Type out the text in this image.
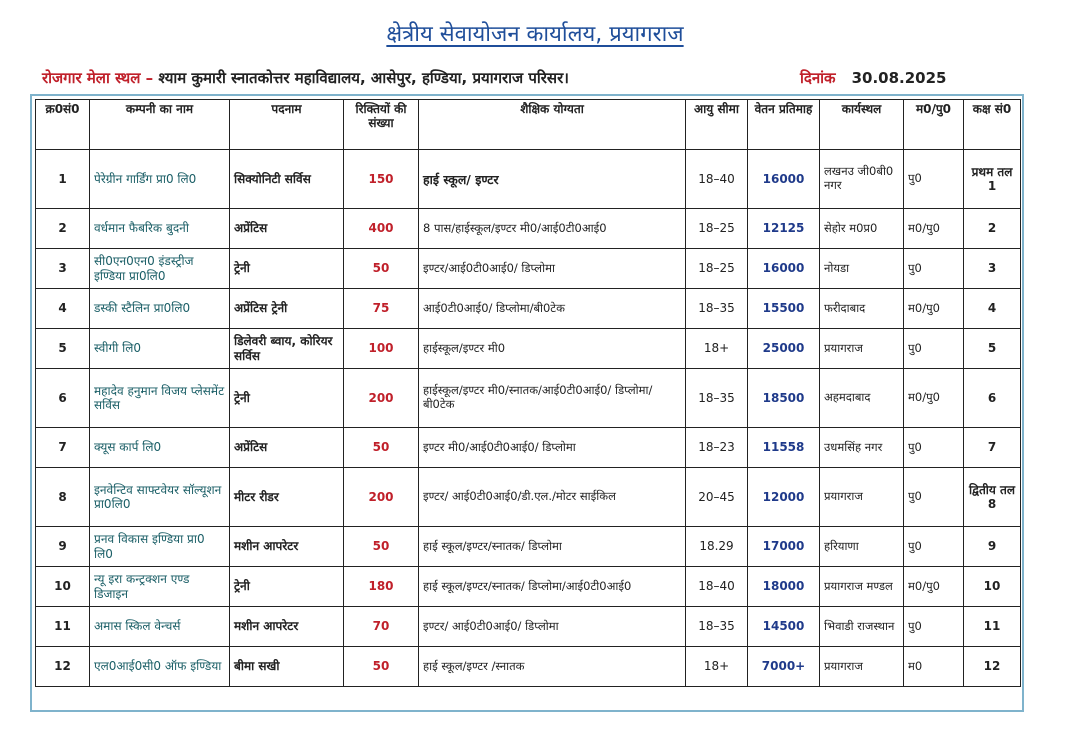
क्षेत्रीय सेवायोजन कार्यालय, प्रयागराज
रोजगार मेला स्थल – श्याम कुमारी स्नातकोत्तर महाविद्यालय, आसेपुर, हण्डिया, प्रयागराज परिसर।	दिनांक 30.08.2025
क्र0सं0	कम्पनी का नाम	पदनाम	रिक्तियों की संख्या	शैक्षिक योग्यता	आयु सीमा	वेतन प्रतिमाह	कार्यस्थल	म0/पु0	कक्ष सं0
1	पेरेग्रीन गार्डिंग प्रा0 लि0	सिक्योनिटी सर्विस	150	हाई स्कूल/ इण्टर	18–40	16000	लखनउ जी0बी0 नगर	पु0	प्रथम तल 1
2	वर्धमान फैबरिक बुदनी	अप्रेंटिस	400	8 पास/हाईस्कूल/इण्टर मी0/आई0टी0आई0	18–25	12125	सेहोर म0प्र0	म0/पु0	2
3	सी0एन0एन0 इंडस्ट्रीज इण्डिया प्रा0लि0	ट्रेनी	50	इण्टर/आई0टी0आई0/ डिप्लोमा	18–25	16000	नोयडा	पु0	3
4	डस्की स्टैलिन प्रा0लि0	अप्रेंटिस ट्रेनी	75	आई0टी0आई0/ डिप्लोमा/बी0टेक	18–35	15500	फरीदाबाद	म0/पु0	4
5	स्वीगी लि0	डिलेवरी ब्वाय, कोरियर सर्विस	100	हाईस्कूल/इण्टर मी0	18+	25000	प्रयागराज	पु0	5
6	महादेव हनुमान विजय प्लेसमेंट सर्विस	ट्रेनी	200	हाईस्कूल/इण्टर मी0/स्नातक/आई0टी0आई0/ डिप्लोमा/बी0टेक	18–35	18500	अहमदाबाद	म0/पु0	6
7	क्यूस कार्प लि0	अप्रेंटिस	50	इण्टर मी0/आई0टी0आई0/ डिप्लोमा	18–23	11558	उधमसिंह नगर	पु0	7
8	इनवेन्टिव साफ्टवेयर सॉल्यूशन प्रा0लि0	मीटर रीडर	200	इण्टर/ आई0टी0आई0/डी.एल./मोटर साईकिल	20–45	12000	प्रयागराज	पु0	द्वितीय तल 8
9	प्रनव विकास इण्डिया प्रा0 लि0	मशीन आपरेटर	50	हाई स्कूल/इण्टर/स्नातक/ डिप्लोमा	18.29	17000	हरियाणा	पु0	9
10	न्यू इरा कन्ट्रक्शन एण्ड डिजाइन	ट्रेनी	180	हाई स्कूल/इण्टर/स्नातक/ डिप्लोमा/आई0टी0आई0	18–40	18000	प्रयागराज मण्डल	म0/पु0	10
11	अमास स्किल वेन्चर्स	मशीन आपरेटर	70	इण्टर/ आई0टी0आई0/ डिप्लोमा	18–35	14500	भिवाडी राजस्थान	पु0	11
12	एल0आई0सी0 ऑफ इण्डिया	बीमा सखी	50	हाई स्कूल/इण्टर /स्नातक	18+	7000+	प्रयागराज	म0	12
